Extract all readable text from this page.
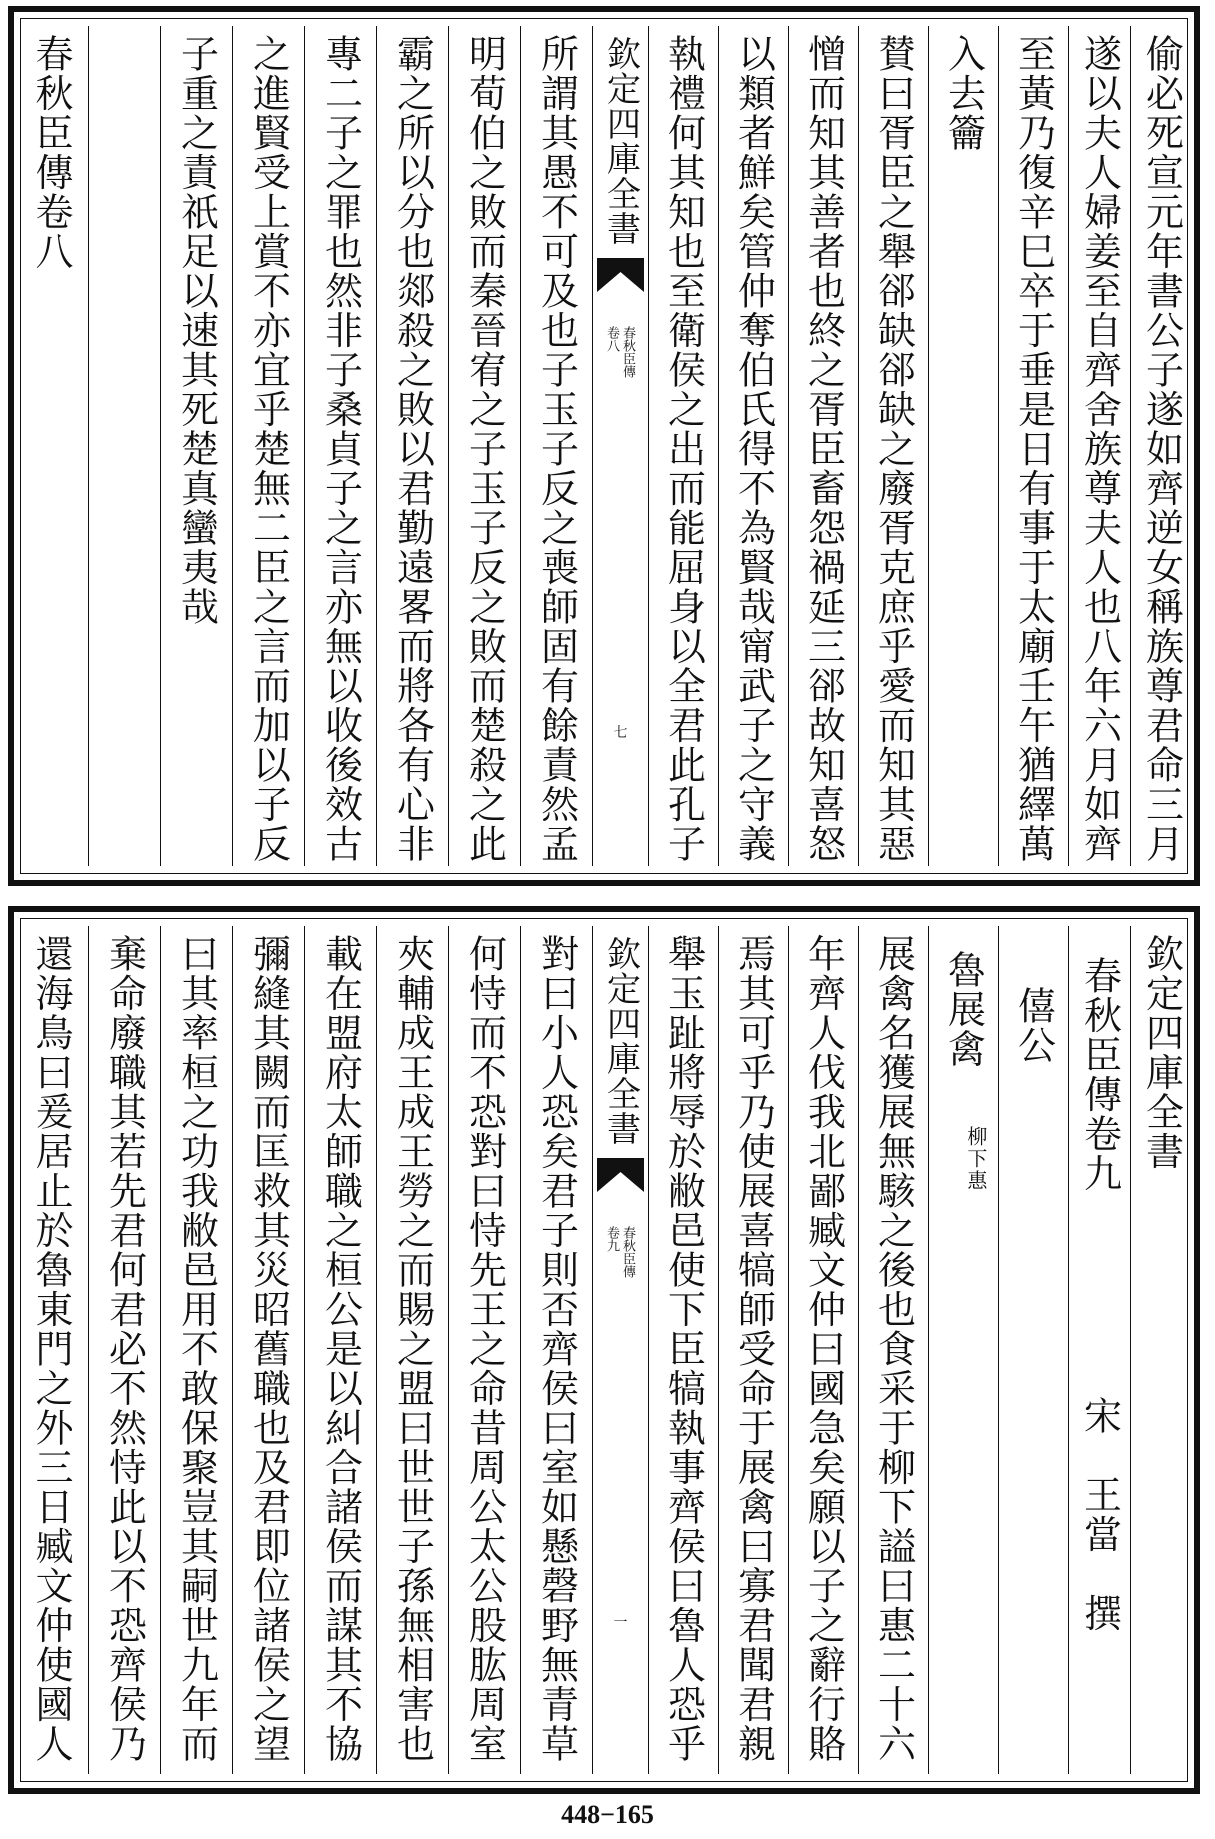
春秋臣傳卷八	子重之責祇足以速其死楚真蠻夷哉 之進賢受上賞不亦宜乎楚無二臣之言而加以子反 專二子之罪也然非子桑貞子之言亦無以收後效古 霸之所以分也郯殺之敗以君勤遠畧而將各有心非 明荀伯之敗而秦晉宥之子玉子反之敗而楚殺之此 所謂其愚不可及也子玉子反之喪師固有餘責然孟 欽定四庫全書
春秋臣傳
卷八
七 執禮何其知也至衛侯之出而能屈身以全君此孔子 以類者鮮矣管仲奪伯氏得不為賢哉甯武子之守義 憎而知其善者也終之胥臣畜怨禍延三郤故知喜怒 賛曰胥臣之舉郤缺郤缺之廢胥克庶乎愛而知其惡 入去籥 至黃乃復辛巳卒于垂是日有事于太廟壬午猶繹萬 遂以夫人婦姜至自齊舍族尊夫人也八年六月如齊 偷必死宣元年書公子遂如齊逆女稱族尊君命三月
還海鳥曰爰居止於魯東門之外三日臧文仲使國人 棄命廢職其若先君何君必不然恃此以不恐齊侯乃 曰其率桓之功我敝邑用不敢保聚豈其嗣世九年而 彌縫其闕而匡救其災昭舊職也及君即位諸侯之望 載在盟府太師職之桓公是以糾合諸侯而謀其不協 夾輔成王成王勞之而賜之盟曰世世子孫無相害也 何恃而不恐對曰恃先王之命昔周公太公股肱周室 對曰小人恐矣君子則否齊侯曰室如懸磬野無青草 欽定四庫全書
春秋臣傳
卷九
一 舉玉趾將辱於敝邑使下臣犒執事齊侯曰魯人恐乎 焉其可乎乃使展喜犒師受命于展禽曰寡君聞君親 年齊人伐我北鄙臧文仲曰國急矣願以子之辭行賂 展禽名獲展無駭之後也食采于柳下謚曰惠二十六 魯展禽
柳下惠
僖公 春秋臣傳卷九
宋　王當　撰
欽定四庫全書
448−165
